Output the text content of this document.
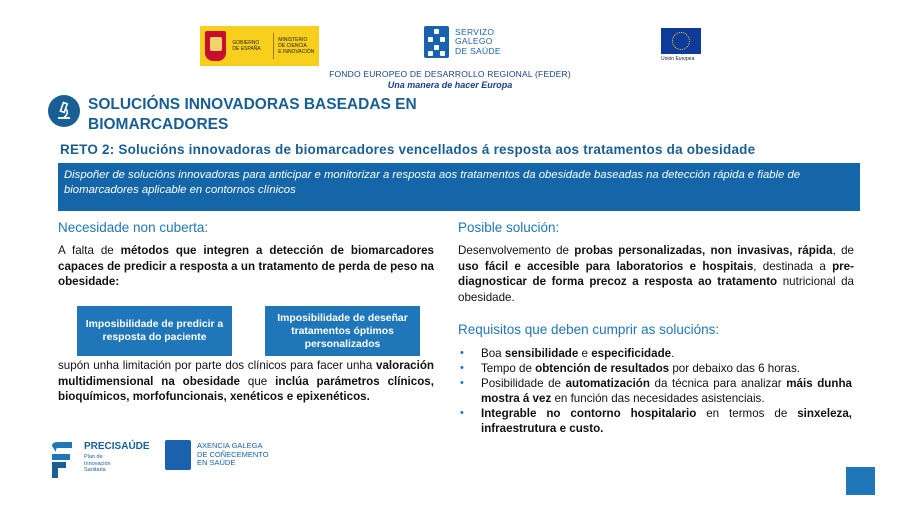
GOBIERNO
DE ESPAÑA
MINISTERIO
DE CIENCIA
E INNOVACIÓN
SERVIZO
GALEGO
DE SAÚDE
Unión Europea
FONDO EUROPEO DE DESARROLLO REGIONAL (FEDER)
Una manera de hacer Europa
SOLUCIÓNS INNOVADORAS BASEADAS EN BIOMARCADORES
RETO 2: Solucións innovadoras de biomarcadores vencellados á resposta aos tratamentos da obesidade
Dispoñer de solucións innovadoras para anticipar e monitorizar a resposta aos tratamentos da obesidade baseadas na detección rápida e fiable de biomarcadores aplicable en contornos clínicos
Necesidade non cuberta:
A falta de métodos que integren a detección de biomarcadores capaces de predicir a resposta a un tratamento de perda de peso na obesidade:
Imposibilidade de predicir a resposta do paciente
Imposibilidade de deseñar tratamentos óptimos personalizados
supón unha limitación por parte dos clínicos para facer unha valoración multidimensional na obesidade que inclúa parámetros clínicos, bioquímicos, morfofuncionais, xenéticos e epixenéticos.
Posible solución:
Desenvolvemento de probas personalizadas, non invasivas, rápida, de uso fácil e accesible para laboratorios e hospitais, destinada a pre-diagnosticar de forma precoz a resposta ao tratamento nutricional da obesidade.
Requisitos que deben cumprir as solucións:
• Boa sensibilidade e especificidade.
• Tempo de obtención de resultados por debaixo das 6 horas.
• Posibilidade de automatización da técnica para analizar máis dunha mostra á vez en función das necesidades asistenciais.
• Integrable no contorno hospitalario en termos de sinxeleza, infraestrutura e custo.
PRECISAÚDE
Plan de
Innovación
Sanitaria
AXENCIA GALEGA
DE COÑECEMENTO
EN SAÚDE
